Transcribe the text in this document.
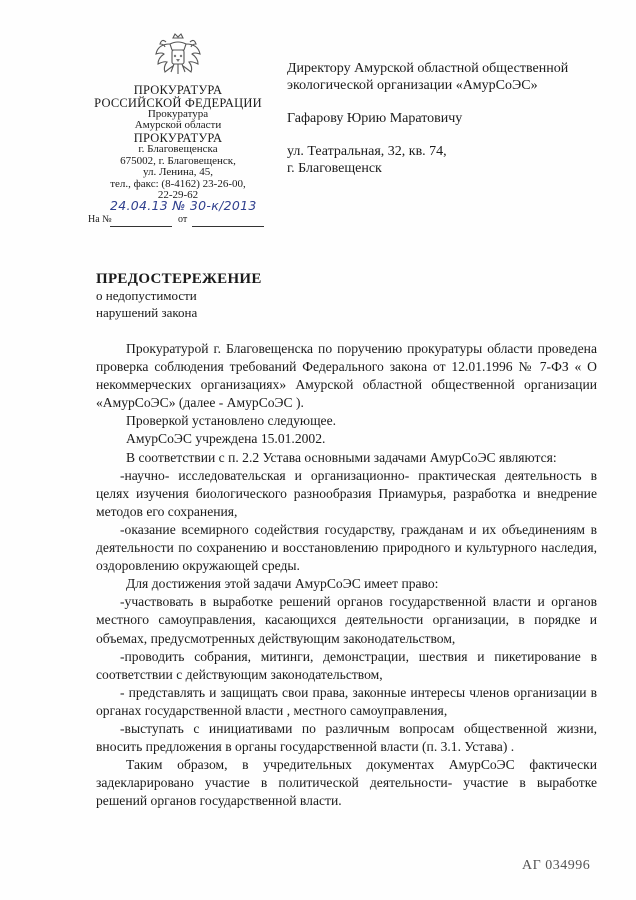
ПРОКУРАТУРА
РОССИЙСКОЙ ФЕДЕРАЦИИ
Прокуратура
Амурской области
ПРОКУРАТУРА
г. Благовещенска
675002, г. Благовещенск,
ул. Ленина, 45,
тел., факс: (8-4162) 23-26-00,
22-29-62
24.04.13 № 30-к/2013
На №	от

Директору Амурской областной общественной

экологической организации «АмурСоЭС»

Гафарову Юрию Маратовичу

ул. Театральная, 32, кв. 74,

г. Благовещенск

ПРЕДОСТЕРЕЖЕНИЕ
о недопустимости
нарушений закона

Прокуратурой г. Благовещенска по поручению прокуратуры области проведена проверка соблюдения требований Федерального закона от 12.01.1996 № 7-ФЗ « О некоммерческих организациях» Амурской областной общественной организации «АмурСоЭС» (далее - АмурСоЭС ).

Проверкой установлено следующее.

АмурСоЭС учреждена 15.01.2002.

В соответствии с п. 2.2 Устава основными задачами АмурСоЭС являются:

-научно- исследовательская и организационно- практическая деятельность в целях изучения биологического разнообразия Приамурья, разработка и внедрение методов его сохранения,

-оказание всемирного содействия государству, гражданам и их объединениям в деятельности по сохранению и восстановлению природного и культурного наследия, оздоровлению окружающей среды.

Для достижения этой задачи АмурСоЭС имеет право:

-участвовать в выработке решений органов государственной власти и органов местного самоуправления, касающихся деятельности организации, в порядке и объемах, предусмотренных действующим законодательством,

-проводить собрания, митинги, демонстрации, шествия и пикетирование в соответствии с действующим законодательством,

- представлять и защищать свои права, законные интересы членов организации в органах государственной власти , местного самоуправления,

-выступать с инициативами по различным вопросам общественной жизни, вносить предложения в органы государственной власти (п. 3.1. Устава) .

Таким образом, в учредительных документах АмурСоЭС фактически задекларировано участие в политической деятельности- участие в выработке решений органов государственной власти.

АГ 034996
